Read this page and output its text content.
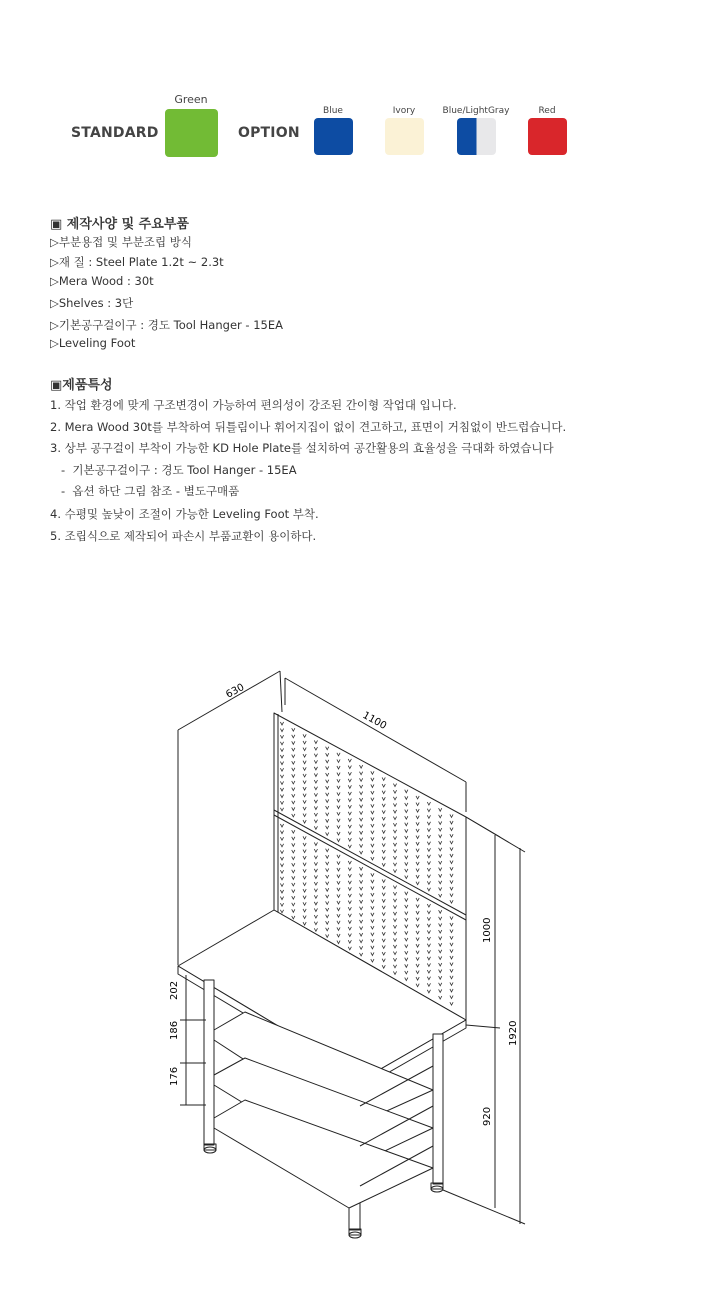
Green
STANDARD	OPTION
Blue	Ivory	Blue/LightGray	Red
▣ 제작사양 및 주요부품
▷부분용접 및 부분조립 방식
▷재 질 : Steel Plate 1.2t ~ 2.3t
▷Mera Wood : 30t
▷Shelves : 3단
▷기본공구걸이구 : 경도 Tool Hanger - 15EA
▷Leveling Foot
▣제품특성
1. 작업 환경에 맞게 구조변경이 가능하여 편의성이 강조된 간이형 작업대 입니다.
2. Mera Wood 30t를 부착하여 뒤틀림이나 휘어지집이 없이 견고하고, 표면이 거침없이 반드럽습니다.
3. 상부 공구걸이 부착이 가능한 KD Hole Plate를 설치하여 공간활용의 효율성을 극대화 하였습니다
-  기본공구걸이구 : 경도 Tool Hanger - 15EA
-  옵션 하단 그림 참조 - 별도구매품
4. 수평및 높낮이 조절이 가능한 Leveling Foot 부착.
5. 조립식으로 제작되어 파손시 부품교환이 용이하다.
630
1100
1000
1920
920
202
186
176
